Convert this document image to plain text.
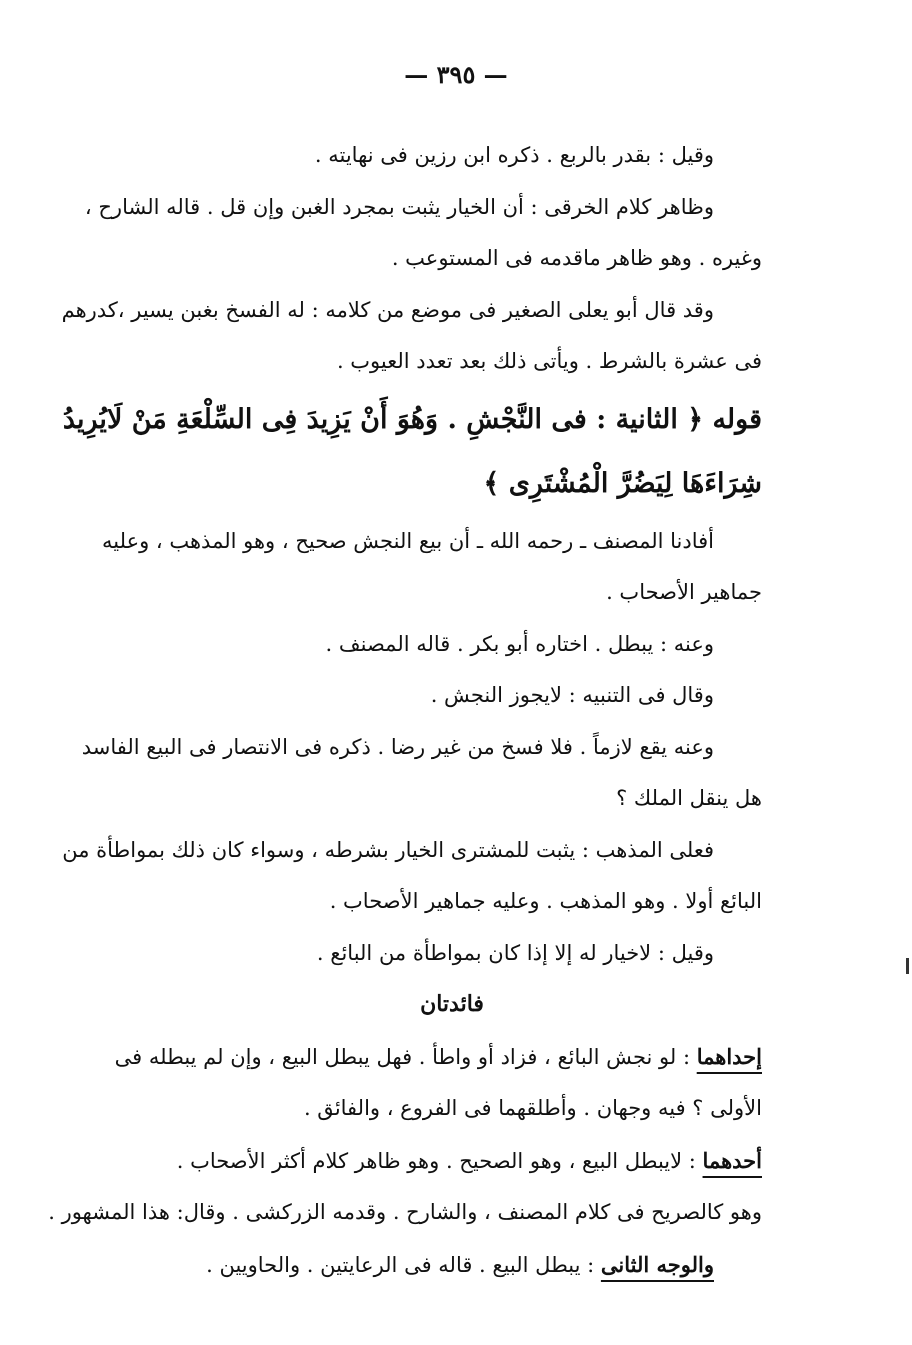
— ٣٩٥ —
وقيل : بقدر بالربع . ذكره ابن رزين فى نهايته .
وظاهر كلام الخرقى : أن الخيار يثبت بمجرد الغبن وإن قل . قاله الشارح ،
وغيره . وهو ظاهر ماقدمه فى المستوعب .
وقد قال أبو يعلى الصغير فى موضع من كلامه : له الفسخ بغبن يسير ،كدرهم
فى عشرة بالشرط . ويأتى ذلك بعد تعدد العيوب .
قوله ﴿ الثانية : فى النَّجْشِ . وَهُوَ أَنْ يَزِيدَ فِى السِّلْعَةِ مَنْ لَايُرِيدُ
شِرَاءَهَا لِيَضُرَّ الْمُشْتَرِى ﴾
أفادنا المصنف ـ رحمه الله ـ أن بيع النجش صحيح ، وهو المذهب ، وعليه
جماهير الأصحاب .
وعنه : يبطل . اختاره أبو بكر . قاله المصنف .
وقال فى التنبيه : لايجوز النجش .
وعنه يقع لازماً . فلا فسخ من غير رضا . ذكره فى الانتصار فى البيع الفاسد
هل ينقل الملك ؟
فعلى المذهب : يثبت للمشترى الخيار بشرطه ، وسواء كان ذلك بمواطأة من
البائع أولا . وهو المذهب . وعليه جماهير الأصحاب .
وقيل : لاخيار له إلا إذا كان بمواطأة من البائع .
فائدتان
إحداهما : لو نجش البائع ، فزاد أو واطأ . فهل يبطل البيع ، وإن لم يبطله فى
الأولى ؟ فيه وجهان . وأطلقهما فى الفروع ، والفائق .
أحدهما : لايبطل البيع ، وهو الصحيح . وهو ظاهر كلام أكثر الأصحاب .
وهو كالصريح فى كلام المصنف ، والشارح . وقدمه الزركشى . وقال: هذا المشهور .
والوجه الثانى : يبطل البيع . قاله فى الرعايتين . والحاويين .
